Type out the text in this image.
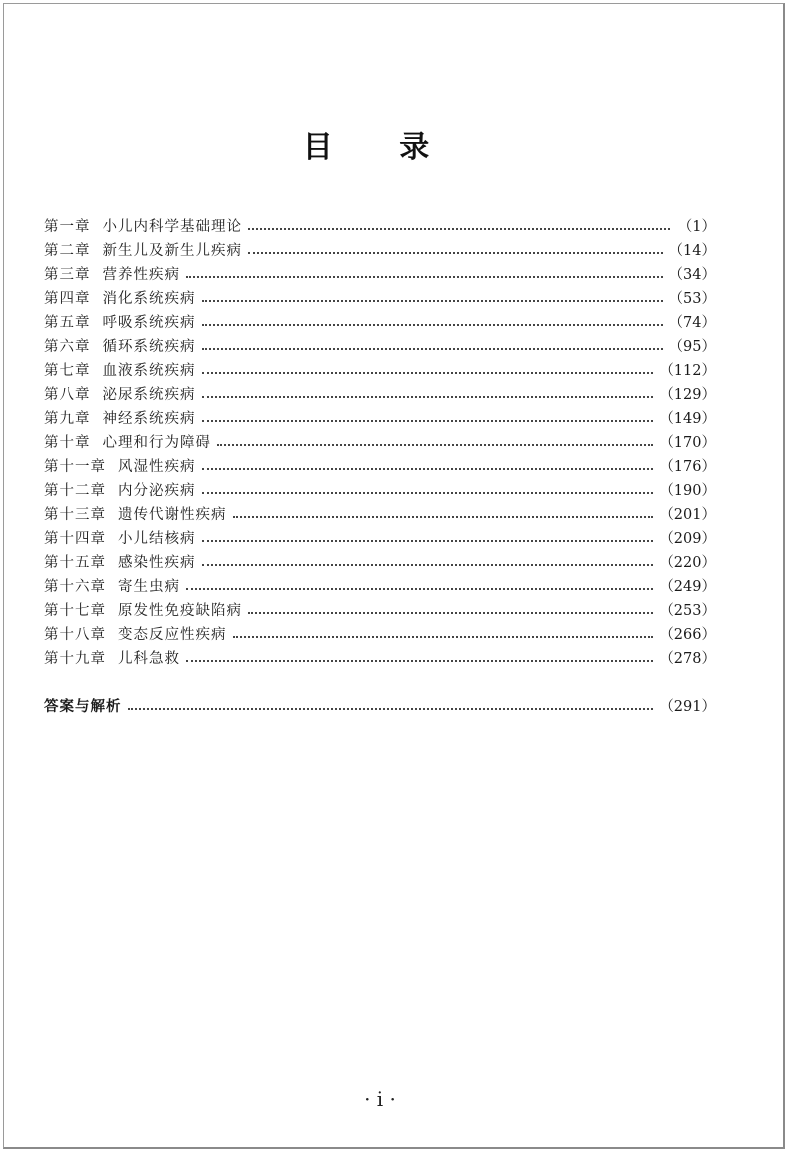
目 录
第一章 小儿内科学基础理论	（1）
第二章 新生儿及新生儿疾病	（14）
第三章 营养性疾病	（34）
第四章 消化系统疾病	（53）
第五章 呼吸系统疾病	（74）
第六章 循环系统疾病	（95）
第七章 血液系统疾病	（112）
第八章 泌尿系统疾病	（129）
第九章 神经系统疾病	（149）
第十章 心理和行为障碍	（170）
第十一章 风湿性疾病	（176）
第十二章 内分泌疾病	（190）
第十三章 遗传代谢性疾病	（201）
第十四章 小儿结核病	（209）
第十五章 感染性疾病	（220）
第十六章 寄生虫病	（249）
第十七章 原发性免疫缺陷病	（253）
第十八章 变态反应性疾病	（266）
第十九章 儿科急救	（278）
答案与解析	（291）
· i ·
